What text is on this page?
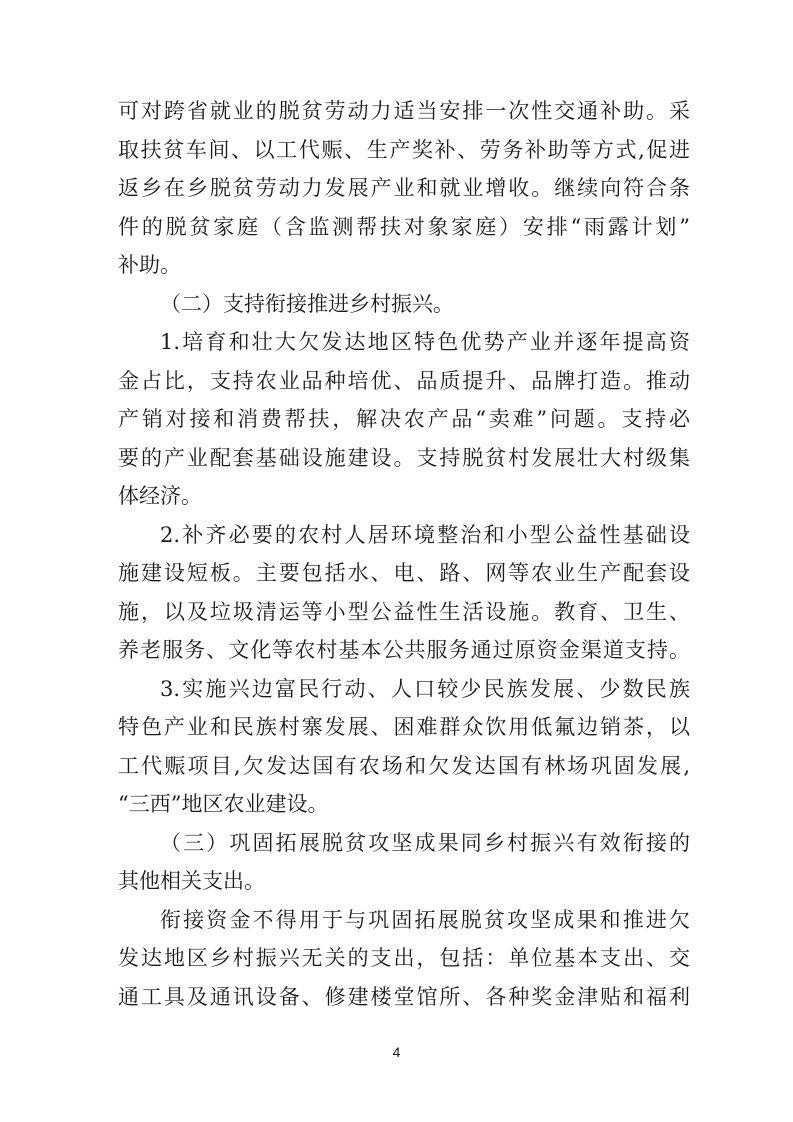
可对跨省就业的脱贫劳动力适当安排一次性交通补助。采
取扶贫车间、以工代赈、生产奖补、劳务补助等方式,促进
返乡在乡脱贫劳动力发展产业和就业增收。继续向符合条
件的脱贫家庭（含监测帮扶对象家庭）安排“雨露计划”
补助。

（二）支持衔接推进乡村振兴。

1.培育和壮大欠发达地区特色优势产业并逐年提高资
金占比，支持农业品种培优、品质提升、品牌打造。推动
产销对接和消费帮扶，解决农产品“卖难”问题。支持必
要的产业配套基础设施建设。支持脱贫村发展壮大村级集
体经济。

2.补齐必要的农村人居环境整治和小型公益性基础设
施建设短板。主要包括水、电、路、网等农业生产配套设
施，以及垃圾清运等小型公益性生活设施。教育、卫生、
养老服务、文化等农村基本公共服务通过原资金渠道支持。

3.实施兴边富民行动、人口较少民族发展、少数民族
特色产业和民族村寨发展、困难群众饮用低氟边销茶，以
工代赈项目,欠发达国有农场和欠发达国有林场巩固发展,
“三西”地区农业建设。

（三）巩固拓展脱贫攻坚成果同乡村振兴有效衔接的
其他相关支出。

衔接资金不得用于与巩固拓展脱贫攻坚成果和推进欠
发达地区乡村振兴无关的支出，包括：单位基本支出、交
通工具及通讯设备、修建楼堂馆所、各种奖金津贴和福利

4
